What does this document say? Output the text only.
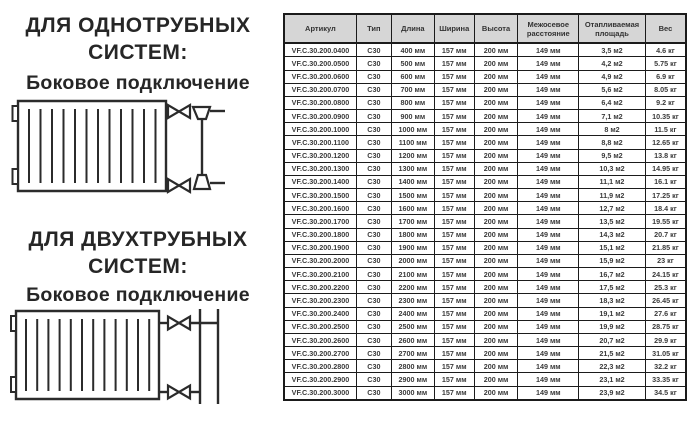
ДЛЯ ОДНОТРУБНЫХ
СИСТЕМ:
Боковое подключение
ДЛЯ ДВУХТРУБНЫХ
СИСТЕМ:
Боковое подключение
Артикул	Тип	Длина	Ширина	Высота	Межосевое расстояние	Отапливаемая площадь	Вес
VF.C.30.200.0400	C30	400 мм	157 мм	200 мм	149 мм	3,5 м2	4.6 кг
VF.C.30.200.0500	C30	500 мм	157 мм	200 мм	149 мм	4,2 м2	5.75 кг
VF.C.30.200.0600	C30	600 мм	157 мм	200 мм	149 мм	4,9 м2	6.9 кг
VF.C.30.200.0700	C30	700 мм	157 мм	200 мм	149 мм	5,6 м2	8.05 кг
VF.C.30.200.0800	C30	800 мм	157 мм	200 мм	149 мм	6,4 м2	9.2 кг
VF.C.30.200.0900	C30	900 мм	157 мм	200 мм	149 мм	7,1 м2	10.35 кг
VF.C.30.200.1000	C30	1000 мм	157 мм	200 мм	149 мм	8 м2	11.5 кг
VF.C.30.200.1100	C30	1100 мм	157 мм	200 мм	149 мм	8,8 м2	12.65 кг
VF.C.30.200.1200	C30	1200 мм	157 мм	200 мм	149 мм	9,5 м2	13.8 кг
VF.C.30.200.1300	C30	1300 мм	157 мм	200 мм	149 мм	10,3 м2	14.95 кг
VF.C.30.200.1400	C30	1400 мм	157 мм	200 мм	149 мм	11,1 м2	16.1 кг
VF.C.30.200.1500	C30	1500 мм	157 мм	200 мм	149 мм	11,9 м2	17.25 кг
VF.C.30.200.1600	C30	1600 мм	157 мм	200 мм	149 мм	12,7 м2	18.4 кг
VF.C.30.200.1700	C30	1700 мм	157 мм	200 мм	149 мм	13,5 м2	19.55 кг
VF.C.30.200.1800	C30	1800 мм	157 мм	200 мм	149 мм	14,3 м2	20.7 кг
VF.C.30.200.1900	C30	1900 мм	157 мм	200 мм	149 мм	15,1 м2	21.85 кг
VF.C.30.200.2000	C30	2000 мм	157 мм	200 мм	149 мм	15,9 м2	23 кг
VF.C.30.200.2100	C30	2100 мм	157 мм	200 мм	149 мм	16,7 м2	24.15 кг
VF.C.30.200.2200	C30	2200 мм	157 мм	200 мм	149 мм	17,5 м2	25.3 кг
VF.C.30.200.2300	C30	2300 мм	157 мм	200 мм	149 мм	18,3 м2	26.45 кг
VF.C.30.200.2400	C30	2400 мм	157 мм	200 мм	149 мм	19,1 м2	27.6 кг
VF.C.30.200.2500	C30	2500 мм	157 мм	200 мм	149 мм	19,9 м2	28.75 кг
VF.C.30.200.2600	C30	2600 мм	157 мм	200 мм	149 мм	20,7 м2	29.9 кг
VF.C.30.200.2700	C30	2700 мм	157 мм	200 мм	149 мм	21,5 м2	31.05 кг
VF.C.30.200.2800	C30	2800 мм	157 мм	200 мм	149 мм	22,3 м2	32.2 кг
VF.C.30.200.2900	C30	2900 мм	157 мм	200 мм	149 мм	23,1 м2	33.35 кг
VF.C.30.200.3000	C30	3000 мм	157 мм	200 мм	149 мм	23,9 м2	34.5 кг
